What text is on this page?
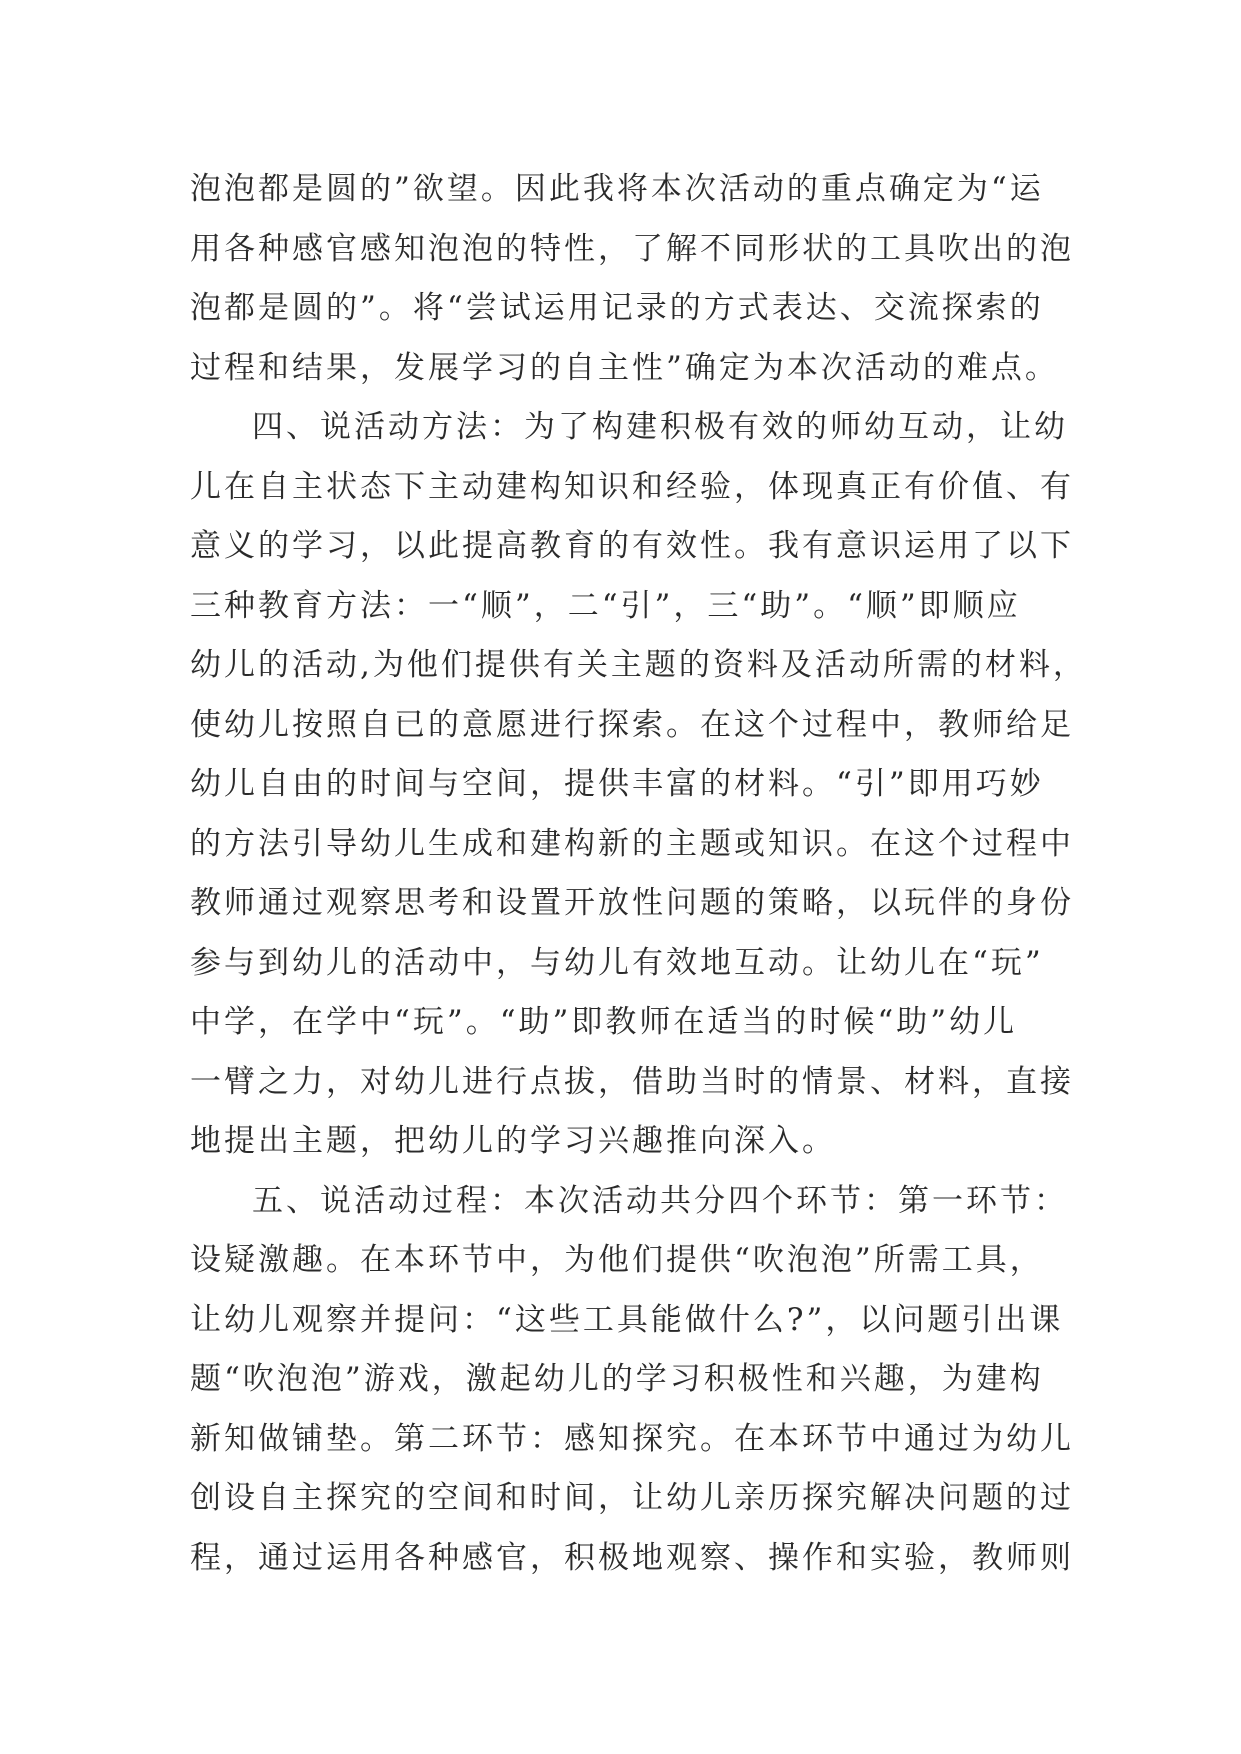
泡泡都是圆的”欲望。因此我将本次活动的重点确定为“运
用各种感官感知泡泡的特性，了解不同形状的工具吹出的泡
泡都是圆的”。将“尝试运用记录的方式表达、交流探索的
过程和结果，发展学习的自主性”确定为本次活动的难点。
四、说活动方法：为了构建积极有效的师幼互动，让幼
儿在自主状态下主动建构知识和经验，体现真正有价值、有
意义的学习，以此提高教育的有效性。我有意识运用了以下
三种教育方法：一“顺”，二“引”，三“助”。“顺”即顺应
幼儿的活动,为他们提供有关主题的资料及活动所需的材料，
使幼儿按照自已的意愿进行探索。在这个过程中，教师给足
幼儿自由的时间与空间，提供丰富的材料。“引”即用巧妙
的方法引导幼儿生成和建构新的主题或知识。在这个过程中
教师通过观察思考和设置开放性问题的策略，以玩伴的身份
参与到幼儿的活动中，与幼儿有效地互动。让幼儿在“玩”
中学，在学中“玩”。“助”即教师在适当的时候“助”幼儿
一臂之力，对幼儿进行点拔，借助当时的情景、材料，直接
地提出主题，把幼儿的学习兴趣推向深入。
五、说活动过程：本次活动共分四个环节：第一环节：
设疑激趣。在本环节中，为他们提供“吹泡泡”所需工具，
让幼儿观察并提问：“这些工具能做什么?”，以问题引出课
题“吹泡泡”游戏，激起幼儿的学习积极性和兴趣，为建构
新知做铺垫。第二环节：感知探究。在本环节中通过为幼儿
创设自主探究的空间和时间，让幼儿亲历探究解决问题的过
程，通过运用各种感官，积极地观察、操作和实验，教师则
